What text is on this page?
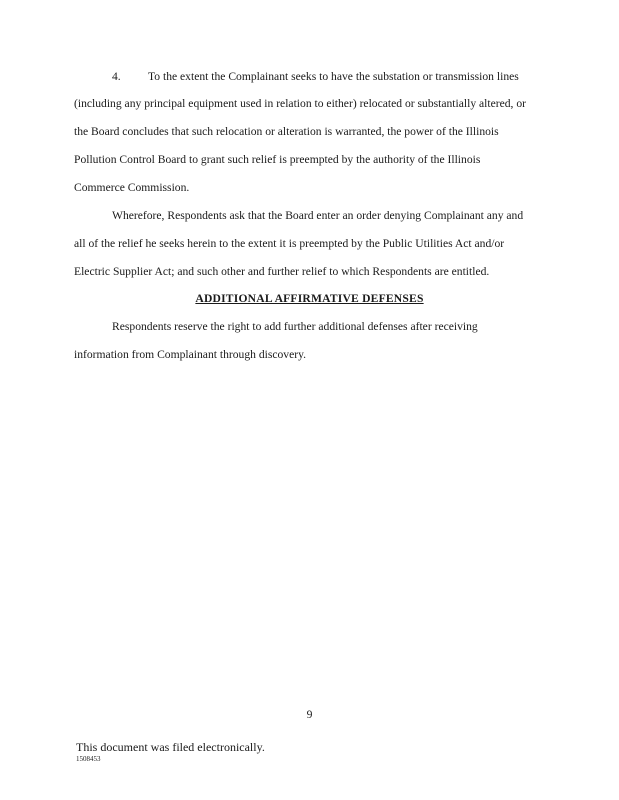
4. To the extent the Complainant seeks to have the substation or transmission lines
(including any principal equipment used in relation to either) relocated or substantially altered, or
the Board concludes that such relocation or alteration is warranted, the power of the Illinois
Pollution Control Board to grant such relief is preempted by the authority of the Illinois
Commerce Commission.
Wherefore, Respondents ask that the Board enter an order denying Complainant any and
all of the relief he seeks herein to the extent it is preempted by the Public Utilities Act and/or
Electric Supplier Act; and such other and further relief to which Respondents are entitled.
ADDITIONAL AFFIRMATIVE DEFENSES
Respondents reserve the right to add further additional defenses after receiving
information from Complainant through discovery.
9
This document was filed electronically.
1508453
